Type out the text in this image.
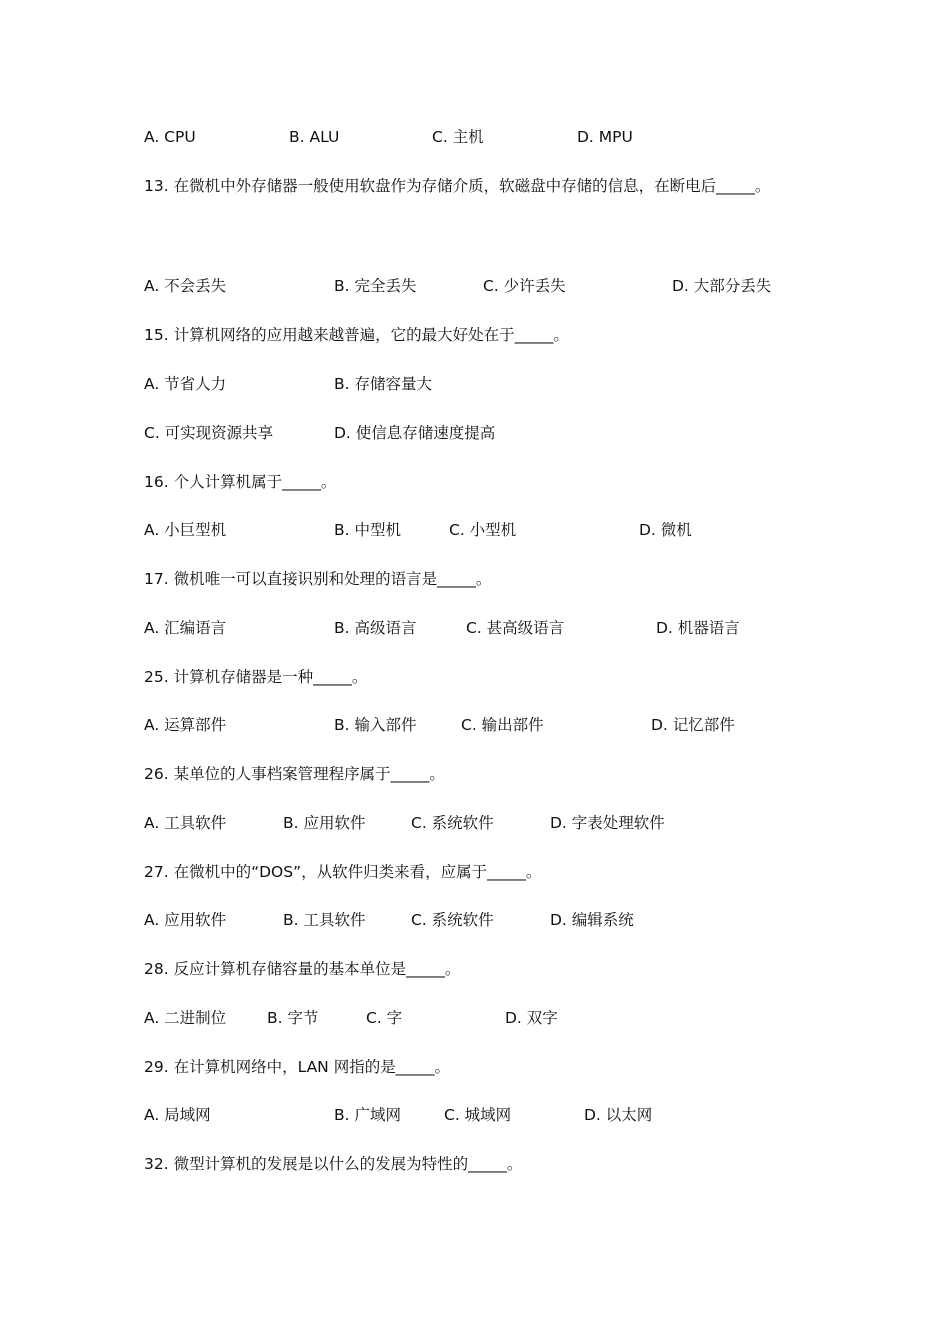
A. CPU	B. ALU	C. 主机	D. MPU
13. 在微机中外存储器一般使用软盘作为存储介质，软磁盘中存储的信息，在断电后_____。
A. 不会丢失	B. 完全丢失	C. 少许丢失	D. 大部分丢失
15. 计算机网络的应用越来越普遍，它的最大好处在于_____。
A. 节省人力	B. 存储容量大
C. 可实现资源共享	D. 使信息存储速度提高
16. 个人计算机属于_____。
A. 小巨型机	B. 中型机	C. 小型机	D. 微机
17. 微机唯一可以直接识别和处理的语言是_____。
A. 汇编语言	B. 高级语言	C. 甚高级语言	D. 机器语言
25. 计算机存储器是一种_____。
A. 运算部件	B. 输入部件	C. 输出部件	D. 记忆部件
26. 某单位的人事档案管理程序属于_____。
A. 工具软件	B. 应用软件	C. 系统软件	D. 字表处理软件
27. 在微机中的“DOS”，从软件归类来看，应属于_____。
A. 应用软件	B. 工具软件	C. 系统软件	D. 编辑系统
28. 反应计算机存储容量的基本单位是_____。
A. 二进制位	B. 字节	C. 字	D. 双字
29. 在计算机网络中，LAN 网指的是_____。
A. 局域网	B. 广域网	C. 城域网	D. 以太网
32. 微型计算机的发展是以什么的发展为特性的_____。
